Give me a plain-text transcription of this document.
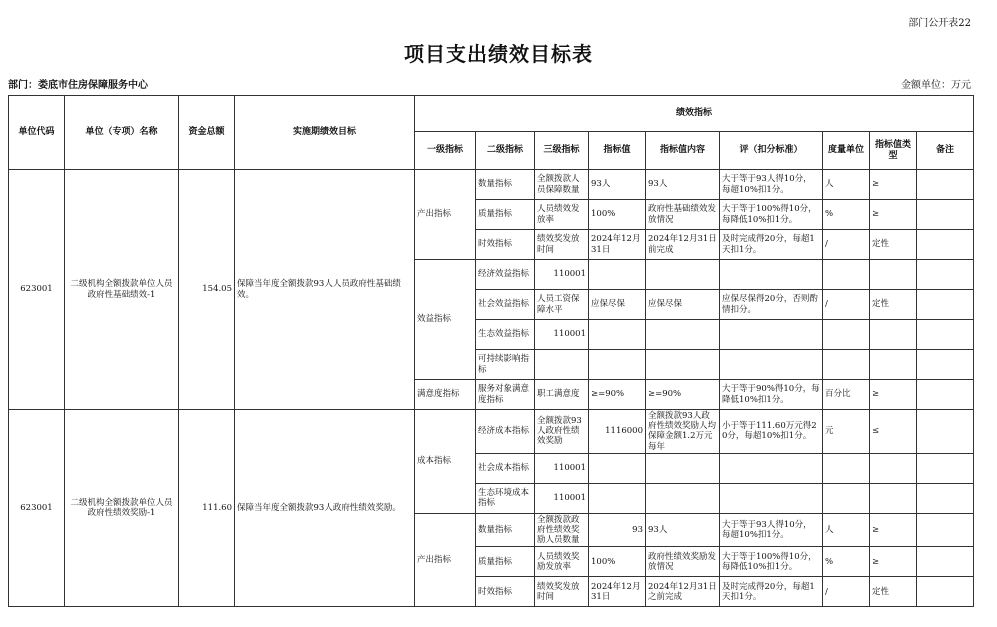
部门公开表22
项目支出绩效目标表
部门：娄底市住房保障服务中心	金额单位：万元
单位代码	单位（专项）名称	资金总额	实施期绩效目标	绩效指标								
				一级指标	二级指标	三级指标	指标值	指标值内容	评（扣分标准）	度量单位	指标值类型	备注
623001	二级机构全额拨款单位人员政府性基础绩效-1	154.05	保障当年度全额拨款93人人员政府性基础绩效。	产出指标	数量指标	全额拨款人员保障数量	93人	93人	大于等于93人得10分，每超10%扣1分。	人	≥	
					质量指标	人员绩效发放率	100%	政府性基础绩效发放情况	大于等于100%得10分，每降低10%扣1分。	%	≥	
					时效指标	绩效奖发放时间	2024年12月31日	2024年12月31日前完成	及时完成得20分，每超1天扣1分。	/	定性	
				效益指标	经济效益指标	110001						
					社会效益指标	人员工资保障水平	应保尽保	应保尽保	应保尽保得20分，否则酌情扣分。	/	定性	
					生态效益指标	110001						
					可持续影响指标							
				满意度指标	服务对象满意度指标	职工满意度	≥=90%	≥=90%	大于等于90%得10分，每降低10%扣1分。	百分比	≥	
623001	二级机构全额拨款单位人员政府性绩效奖励-1	111.60	保障当年度全额拨款93人政府性绩效奖励。	成本指标	经济成本指标	全额拨款93人政府性绩效奖励	1116000	全额拨款93人政府性绩效奖励人均保障金额1.2万元每年	小于等于111.60万元得20分，每超10%扣1分。	元	≤	
					社会成本指标	110001						
					生态环境成本指标	110001						
				产出指标	数量指标	全额拨款政府性绩效奖励人员数量	93	93人	大于等于93人得10分，每超10%扣1分。	人	≥	
					质量指标	人员绩效奖励发放率	100%	政府性绩效奖励发放情况	大于等于100%得10分，每降低10%扣1分。	%	≥	
					时效指标	绩效奖发放时间	2024年12月31日	2024年12月31日之前完成	及时完成得20分，每超1天扣1分。	/	定性	
